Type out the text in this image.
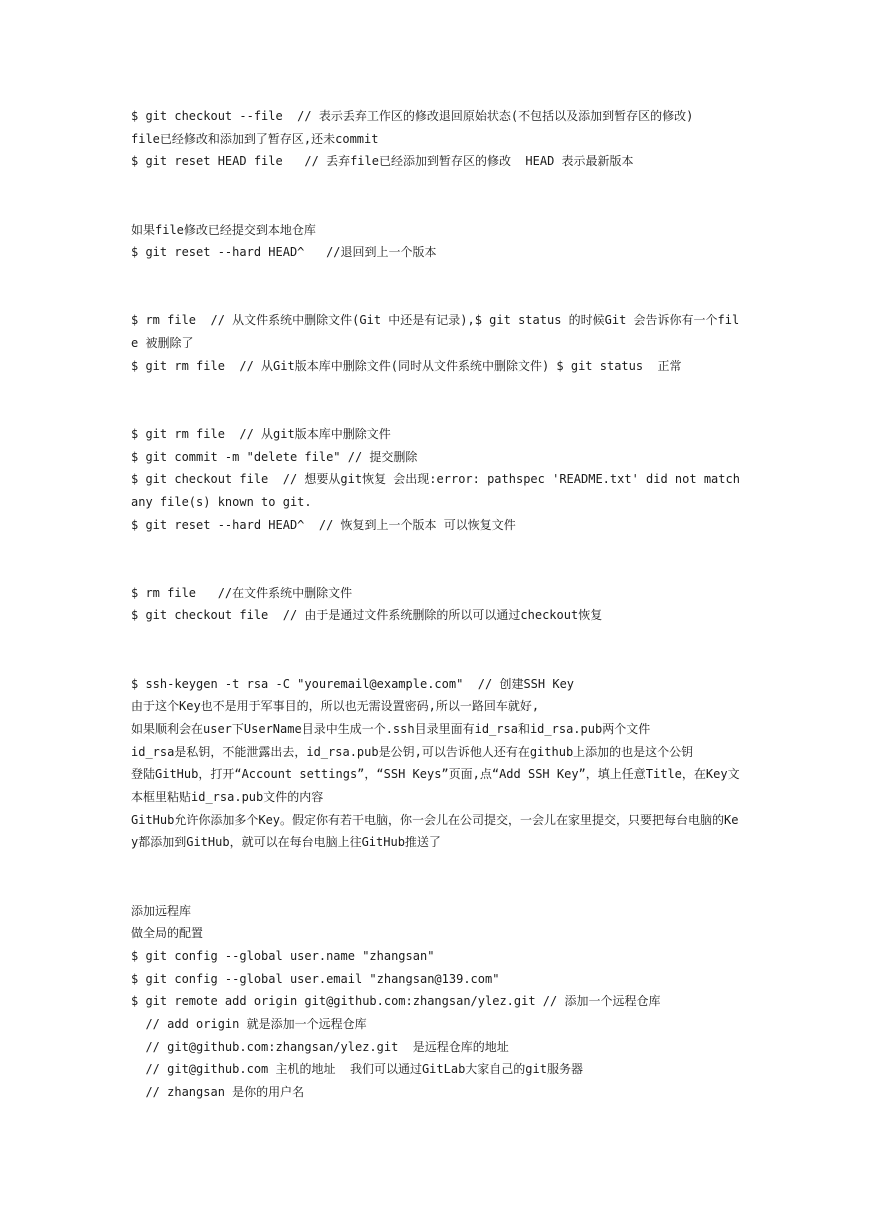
$ git checkout --file  // 表示丢弃工作区的修改退回原始状态(不包括以及添加到暂存区的修改)
file已经修改和添加到了暂存区,还未commit
$ git reset HEAD file   // 丢弃file已经添加到暂存区的修改  HEAD 表示最新版本
如果file修改已经提交到本地仓库
$ git reset --hard HEAD^   //退回到上一个版本
$ rm file  // 从文件系统中删除文件(Git 中还是有记录),$ git status 的时候Git 会告诉你有一个file 被删除了
$ git rm file  // 从Git版本库中删除文件(同时从文件系统中删除文件) $ git status  正常
$ git rm file  // 从git版本库中删除文件
$ git commit -m "delete file" // 提交删除
$ git checkout file  // 想要从git恢复 会出现:error: pathspec 'README.txt' did not match any file(s) known to git.
$ git reset --hard HEAD^  // 恢复到上一个版本 可以恢复文件
$ rm file   //在文件系统中删除文件
$ git checkout file  // 由于是通过文件系统删除的所以可以通过checkout恢复
$ ssh-keygen -t rsa -C "youremail@example.com"  // 创建SSH Key
由于这个Key也不是用于军事目的，所以也无需设置密码,所以一路回车就好,
如果顺利会在user下UserName目录中生成一个.ssh目录里面有id_rsa和id_rsa.pub两个文件
id_rsa是私钥，不能泄露出去，id_rsa.pub是公钥,可以告诉他人还有在github上添加的也是这个公钥
登陆GitHub，打开“Account settings”，“SSH Keys”页面,点“Add SSH Key”，填上任意Title，在Key文本框里粘贴id_rsa.pub文件的内容
GitHub允许你添加多个Key。假定你有若干电脑，你一会儿在公司提交，一会儿在家里提交，只要把每台电脑的Key都添加到GitHub，就可以在每台电脑上往GitHub推送了
添加远程库
做全局的配置
$ git config --global user.name "zhangsan"
$ git config --global user.email "zhangsan@139.com"
$ git remote add origin git@github.com:zhangsan/ylez.git // 添加一个远程仓库
// add origin 就是添加一个远程仓库
// git@github.com:zhangsan/ylez.git  是远程仓库的地址
// git@github.com 主机的地址  我们可以通过GitLab大家自己的git服务器
// zhangsan 是你的用户名
